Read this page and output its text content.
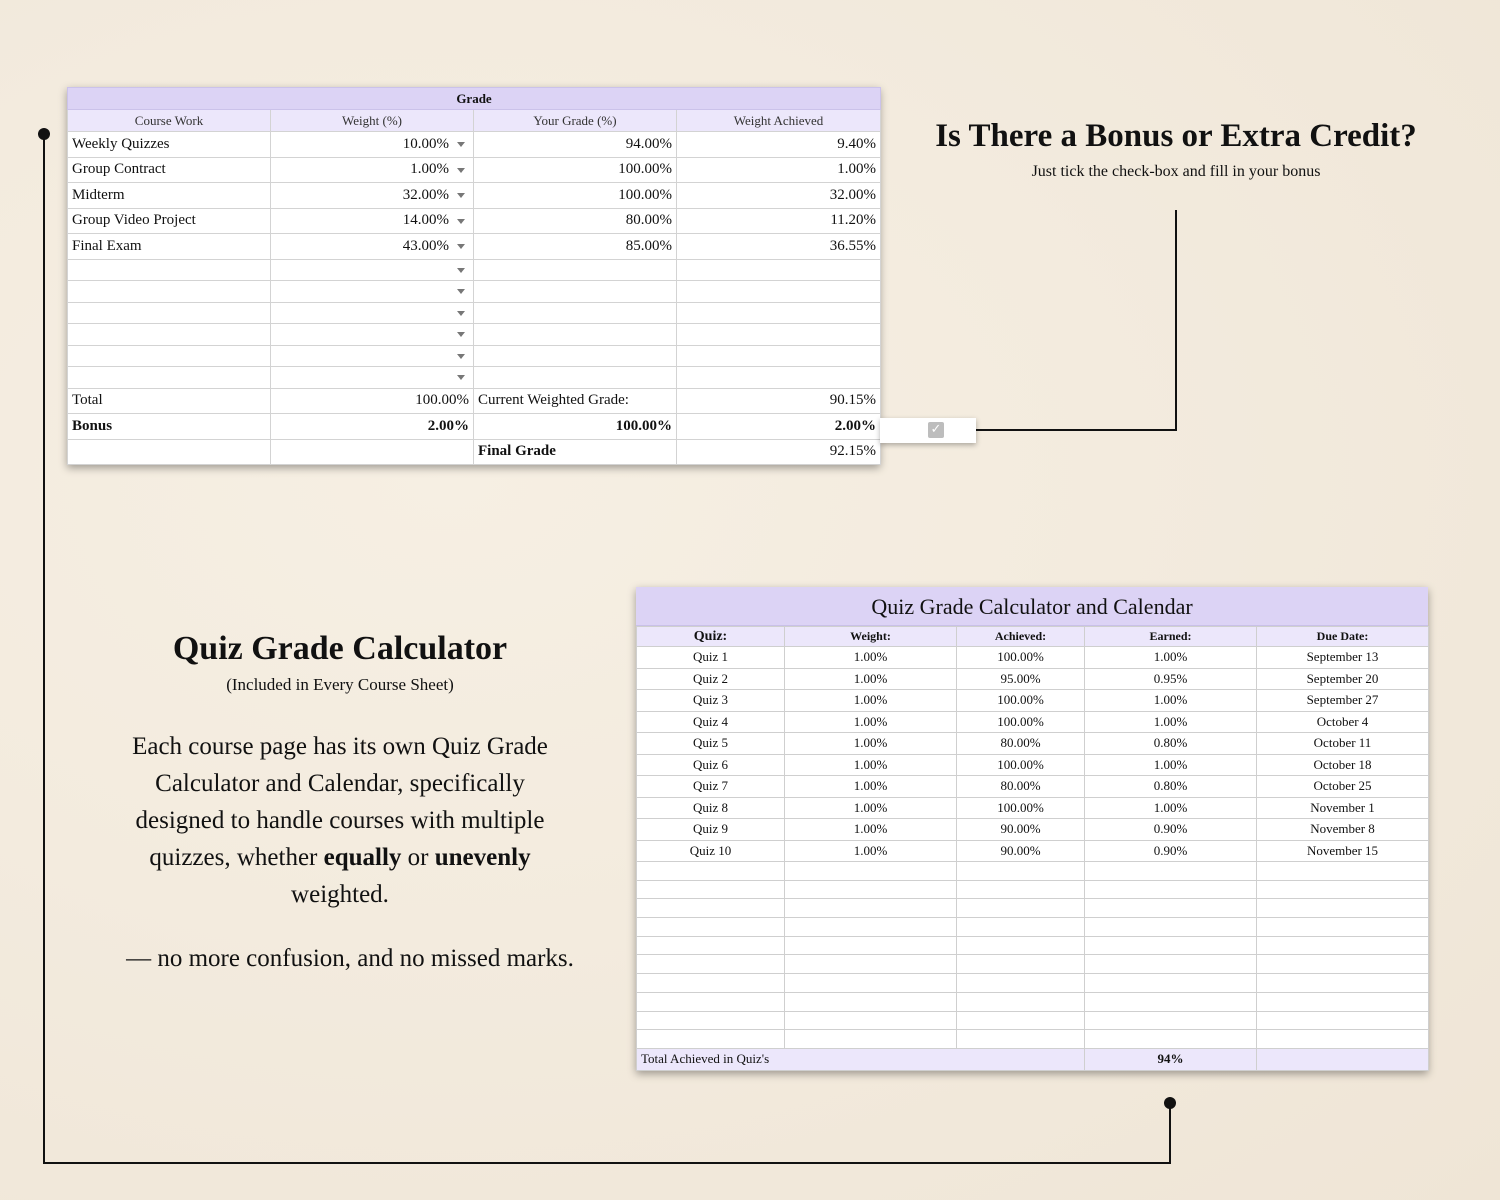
Grade			
Course Work	Weight (%)	Your Grade (%)	Weight Achieved
Weekly Quizzes	10.00%	94.00%	9.40%
Group Contract	1.00%	100.00%	1.00%
Midterm	32.00%	100.00%	32.00%
Group Video Project	14.00%	80.00%	11.20%
Final Exam	43.00%	85.00%	36.55%

Total	100.00%	Current Weighted Grade:	90.15%
Bonus	2.00%	100.00%	2.00%
		Final Grade	92.15%
✓
Is There a Bonus or Extra Credit?
Just tick the check-box and fill in your bonus
Quiz Grade Calculator
(Included in Every Course Sheet)
Each course page has its own Quiz Grade Calculator and Calendar, specifically designed to handle courses with multiple quizzes, whether equally or unevenly weighted.
— no more confusion, and no missed marks.
Quiz Grade Calculator and Calendar
Quiz:	Weight:	Achieved:	Earned:	Due Date:
Quiz 1	1.00%	100.00%	1.00%	September 13
Quiz 2	1.00%	95.00%	0.95%	September 20
Quiz 3	1.00%	100.00%	1.00%	September 27
Quiz 4	1.00%	100.00%	1.00%	October 4
Quiz 5	1.00%	80.00%	0.80%	October 11
Quiz 6	1.00%	100.00%	1.00%	October 18
Quiz 7	1.00%	80.00%	0.80%	October 25
Quiz 8	1.00%	100.00%	1.00%	November 1
Quiz 9	1.00%	90.00%	0.90%	November 8
Quiz 10	1.00%	90.00%	0.90%	November 15

Total Achieved in Quiz's			94%	
